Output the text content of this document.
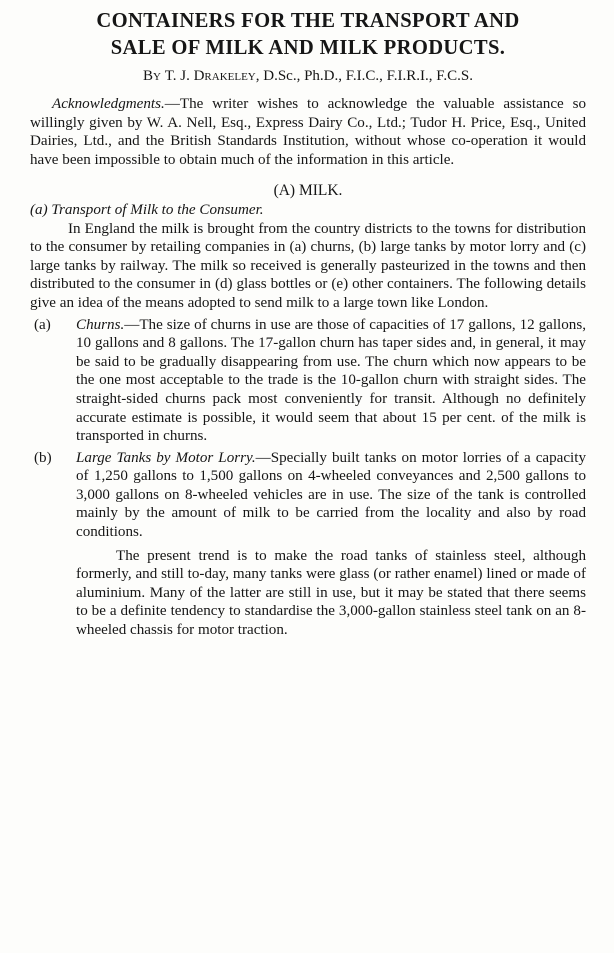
CONTAINERS FOR THE TRANSPORT AND
SALE OF MILK AND MILK PRODUCTS.
By T. J. Drakeley, D.Sc., Ph.D., F.I.C., F.I.R.I., F.C.S.

Acknowledgments.—The writer wishes to acknowledge the valuable assistance so willingly given by W. A. Nell, Esq., Express Dairy Co., Ltd.; Tudor H. Price, Esq., United Dairies, Ltd., and the British Standards Institution, without whose co-operation it would have been impossible to obtain much of the information in this article.

(A) MILK.
(a) Transport of Milk to the Consumer.

In England the milk is brought from the country districts to the towns for distribution to the consumer by retailing companies in (a) churns, (b) large tanks by motor lorry and (c) large tanks by railway. The milk so received is generally pasteurized in the towns and then distributed to the consumer in (d) glass bottles or (e) other containers. The following details give an idea of the means adopted to send milk to a large town like London.

(a)	Churns.—The size of churns in use are those of capacities of 17 gallons, 12 gallons, 10 gallons and 8 gallons. The 17-gallon churn has taper sides and, in general, it may be said to be gradually disappearing from use. The churn which now appears to be the one most acceptable to the trade is the 10-gallon churn with straight sides. The straight-sided churns pack most conveniently for transit. Although no definitely accurate estimate is possible, it would seem that about 15 per cent. of the milk is transported in churns.

(b)	Large Tanks by Motor Lorry.—Specially built tanks on motor lorries of a capacity of 1,250 gallons to 1,500 gallons on 4-wheeled conveyances and 2,500 gallons to 3,000 gallons on 8-wheeled vehicles are in use. The size of the tank is controlled mainly by the amount of milk to be carried from the locality and also by road conditions.

The present trend is to make the road tanks of stainless steel, although formerly, and still to-day, many tanks were glass (or rather enamel) lined or made of aluminium. Many of the latter are still in use, but it may be stated that there seems to be a definite tendency to standardise the 3,000-gallon stainless steel tank on an 8-wheeled chassis for motor traction.
